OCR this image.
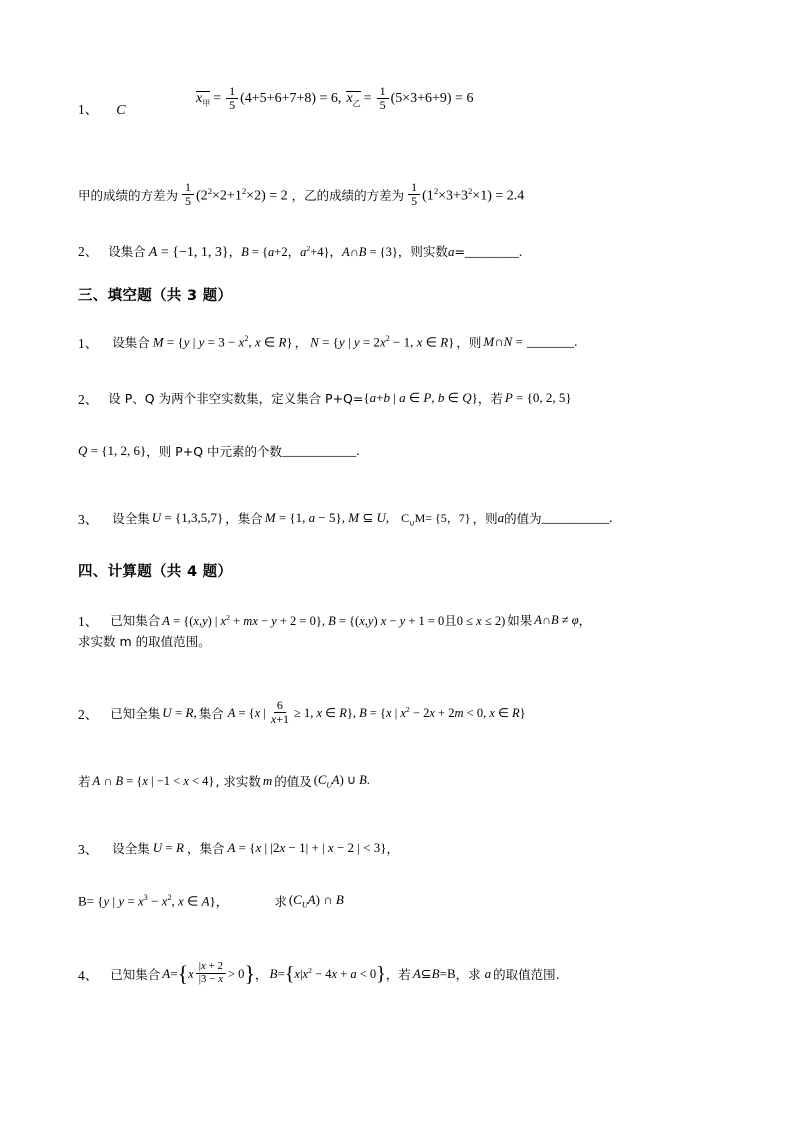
1、 C
$x_甲 = \frac{1}{5} (4+5+6+7+8) = 6$, $x_乙 = \frac{1}{5} (5\times 3+6+9) = 6$
甲的成绩的方差为 $\frac{1}{5} (2^2\times 2+1^2\times 2) = 2$ ，乙的成绩的方差为 $\frac{1}{5} (1^2\times 3+3^2\times 1) = 2.4$
2、 设集合 A = {−1, 1, 3} ， B = {a+2，$a^2+4$} ， A∩B = {3} ，则实数 a = ________.
三、填空题（共 3 题）
1、 设集合 M = {y | $y = 3 - x^2$, x ∈ R} ， N = {y | $y = 2x^2 - 1$, x ∈ R} ，则 M∩N = _______.
2、 设 P、Q 为两个非空实数集，定义集合 P+Q= {a+b | a ∈ P, b ∈ Q} ，若 P = {0, 2, 5}
Q = {1, 2, 6} ，则 P+Q 中元素的个数 ___________.
3、 设全集 U = {1,3,5,7} ，集合 M = {1, a − 5}, M ⊆ U, $C_\cup M= \{5$，7} ，则 a 的值为 __________.
四、计算题（共 4 题）
1、 已知集合 A = {(x,y) | $x^2$ + mx − y + 2 = 0}, B = {(x,y) x − y + 1 = 0且0 ≤ x ≤ 2) 如果 A∩B ≠ φ ，
求实数 m 的取值范围。
2、 已知全集 U = R, 集合 A = {x | $\frac{6}{x+1} \ge 1$, x ∈ R}, B = {x | $x^2 - 2x + 2m < 0$, x ∈ R}
若 A ∩ B = {x | −1 < x < 4} , 求实数 m 的值及 $(C_UA)$ ∪ B.
3、 设全集 U = R ，集合 A = {x | |2x − 1| + | x − 2 | < 3} ，
B= {y | $y = x^3 - x^2$, x ∈ A} ，	求 $(C_UA)$ ∩ B
4、 已知集合 A= { x $\frac{|x + 2}{|3 - x} > 0$ } ， B= { $x|x^2 - 4x + a < 0$ } ，若 A⊆B=B ，求 a 的取值范围.
